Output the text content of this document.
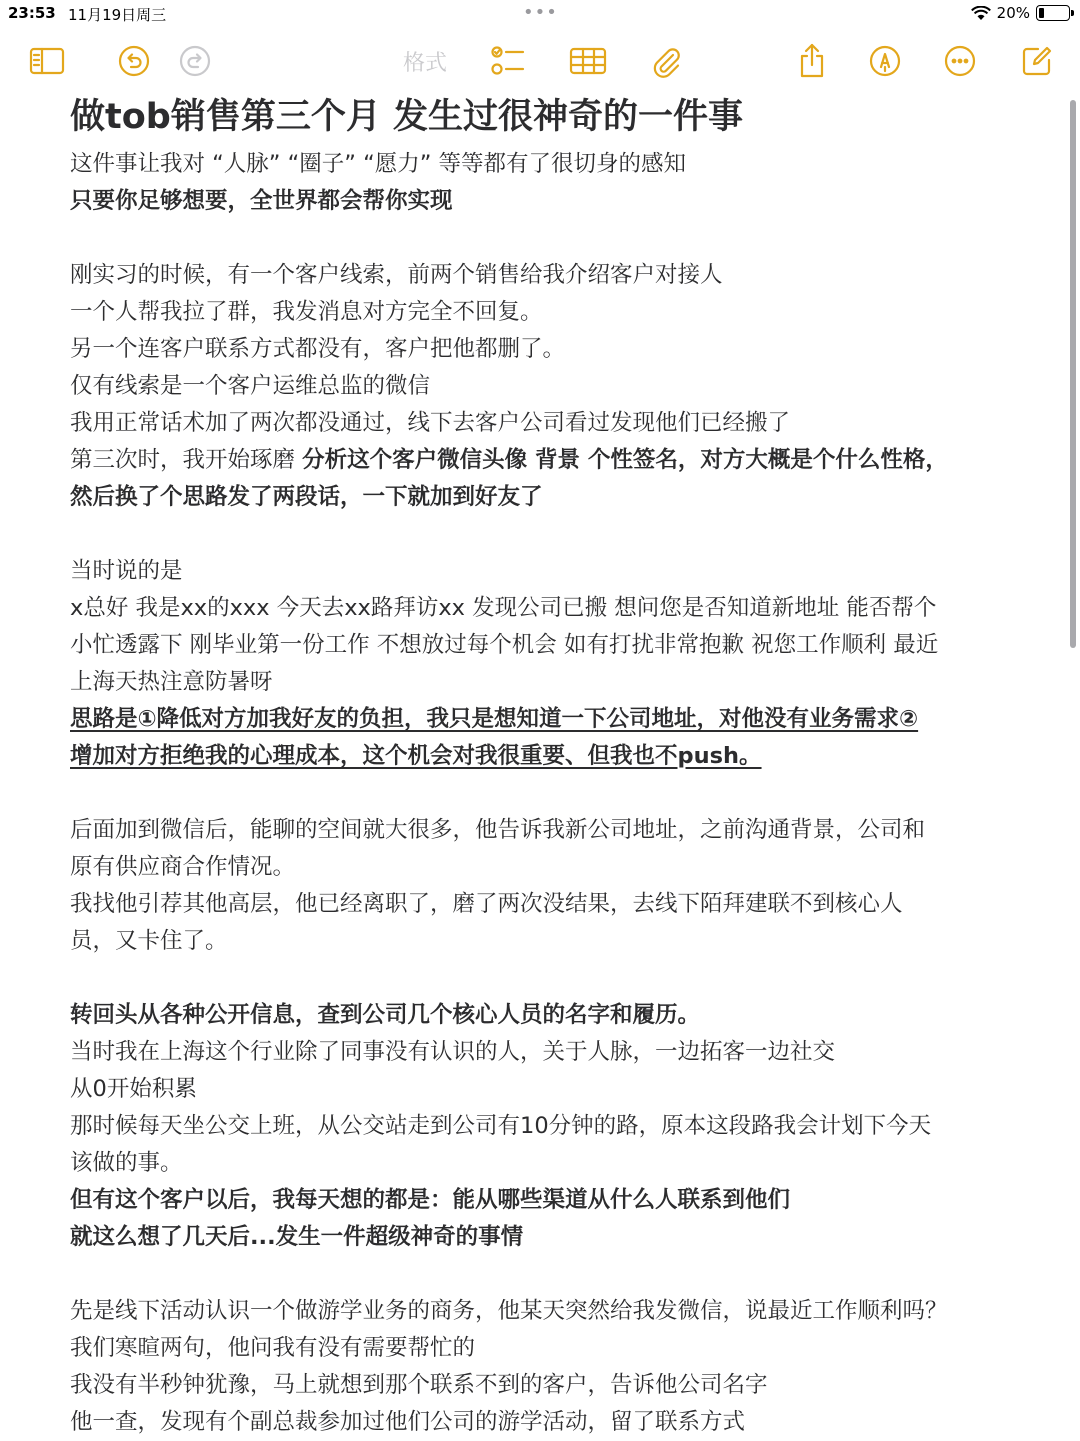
23:53 11月19日周三	•••	20%
格式
做tob销售第三个月 发生过很神奇的一件事
这件事让我对 “人脉” “圈子” “愿力” 等等都有了很切身的感知
只要你足够想要，全世界都会帮你实现
刚实习的时候，有一个客户线索，前两个销售给我介绍客户对接人
一个人帮我拉了群，我发消息对方完全不回复。
另一个连客户联系方式都没有，客户把他都删了。
仅有线索是一个客户运维总监的微信
我用正常话术加了两次都没通过，线下去客户公司看过发现他们已经搬了
第三次时，我开始琢磨 分析这个客户微信头像 背景 个性签名，对方大概是个什么性格，
然后换了个思路发了两段话，一下就加到好友了
当时说的是
x总好 我是xx的xxx 今天去xx路拜访xx 发现公司已搬 想问您是否知道新地址 能否帮个
小忙透露下 刚毕业第一份工作 不想放过每个机会 如有打扰非常抱歉 祝您工作顺利 最近
上海天热注意防暑呀
思路是①降低对方加我好友的负担，我只是想知道一下公司地址，对他没有业务需求②
增加对方拒绝我的心理成本，这个机会对我很重要、但我也不push。
后面加到微信后，能聊的空间就大很多，他告诉我新公司地址，之前沟通背景，公司和
原有供应商合作情况。
我找他引荐其他高层，他已经离职了，磨了两次没结果，去线下陌拜建联不到核心人
员，又卡住了。
转回头从各种公开信息，查到公司几个核心人员的名字和履历。
当时我在上海这个行业除了同事没有认识的人，关于人脉，一边拓客一边社交
从0开始积累
那时候每天坐公交上班，从公交站走到公司有10分钟的路，原本这段路我会计划下今天
该做的事。
但有这个客户以后，我每天想的都是：能从哪些渠道从什么人联系到他们
就这么想了几天后...发生一件超级神奇的事情
先是线下活动认识一个做游学业务的商务，他某天突然给我发微信，说最近工作顺利吗？
我们寒暄两句，他问我有没有需要帮忙的
我没有半秒钟犹豫，马上就想到那个联系不到的客户，告诉他公司名字
他一查，发现有个副总裁参加过他们公司的游学活动，留了联系方式
